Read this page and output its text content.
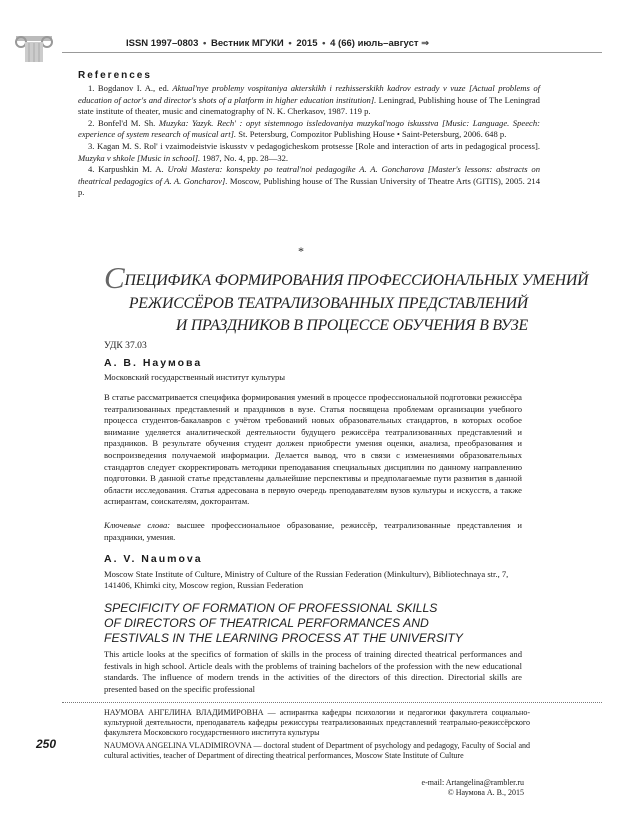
ISSN 1997–0803 • Вестник МГУКИ • 2015 • 4 (66) июль–август ⇒
References

1. Bogdanov I. A., ed. Aktual'nye problemy vospitaniya akterskikh i rezhisserskikh kadrov estrady v vuze [Actual problems of education of actor's and director's shots of a platform in higher education institution]. Leningrad, Publishing house of The Leningrad state institute of theater, music and cinematography of N. K. Cherkasov, 1987. 119 p.

2. Bonfel'd M. Sh. Muzyka: Yazyk. Rech' : opyt sistemnogo issledovaniya muzykal'nogo iskusstva [Music: Language. Speech: experience of system research of musical art]. St. Petersburg, Compozitor Publishing House • Saint-Petersburg, 2006. 648 p.

3. Kagan M. S. Rol' i vzaimodeistvie iskusstv v pedagogicheskom protsesse [Role and interaction of arts in pedagogical process]. Muzyka v shkole [Music in school]. 1987, No. 4, pp. 28—32.

4. Karpushkin M. A. Uroki Mastera: konspekty po teatral'noi pedagogike A. A. Goncharova [Master's lessons: abstracts on theatrical pedagogics of A. A. Goncharov]. Moscow, Publishing house of The Russian University of Theatre Arts (GITIS), 2005. 214 p.

*
СПЕЦИФИКА ФОРМИРОВАНИЯ ПРОФЕССИОНАЛЬНЫХ УМЕНИЙ
РЕЖИССЁРОВ ТЕАТРАЛИЗОВАННЫХ ПРЕДСТАВЛЕНИЙ
И ПРАЗДНИКОВ В ПРОЦЕССЕ ОБУЧЕНИЯ В ВУЗЕ
УДК 37.03
А. В. Наумова
Московский государственный институт культуры

В статье рассматривается специфика формирования умений в процессе профессиональной подготовки режиссёра театрализованных представлений и праздников в вузе. Статья посвящена проблемам организации учебного процесса студентов-бакалавров с учётом требований новых образовательных стандартов, в которых особое внимание уделяется аналитической деятельности будущего режиссёра театрализованных представлений и праздников. В результате обучения студент должен приобрести умения оценки, анализа, преобразования и воспроизведения получаемой информации. Делается вывод, что в связи с изменениями образовательных стандартов следует скорректировать методики преподавания специальных дисциплин по данному направлению подготовки. В данной статье представлены дальнейшие перспективы и предполагаемые пути развития в данной области исследования. Статья адресована в первую очередь преподавателям вузов культуры и искусств, а также аспирантам, соискателям, докторантам.

Ключевые слова: высшее профессиональное образование, режиссёр, театрализованные представления и праздники, умения.

A. V. Naumova
Moscow State Institute of Culture, Ministry of Culture of the Russian Federation (Minkulturv), Bibliotechnaya str., 7, 141406, Khimki city, Moscow region, Russian Federation
SPECIFICITY OF FORMATION OF PROFESSIONAL SKILLS
OF DIRECTORS OF THEATRICAL PERFORMANCES AND
FESTIVALS IN THE LEARNING PROCESS AT THE UNIVERSITY

This article looks at the specifics of formation of skills in the process of training directed theatrical performances and festivals in high school. Article deals with the problems of training bachelors of the profession with the new educational standards. The influence of modern trends in the activities of the directors of this direction. Directorial skills are presented based on the specific professional

НАУМОВА АНГЕЛИНА ВЛАДИМИРОВНА — аспирантка кафедры психологии и педагогики факультета социально-культурной деятельности, преподаватель кафедры режиссуры театрализованных представлений театрально-режиссёрского факультета Московского государственного института культуры
NAUMOVA ANGELINA VLADIMIROVNA — doctoral student of Department of psychology and pedagogy, Faculty of Social and cultural activities, teacher of Department of directing theatrical performances, Moscow State Institute of Culture
250
e-mail: Artangelina@rambler.ru
© Наумова А. В., 2015
